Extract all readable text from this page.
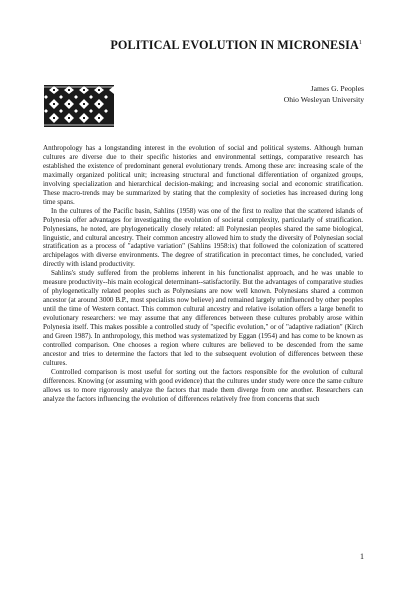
POLITICAL EVOLUTION IN MICRONESIA$^1$
James G. Peoples
Ohio Wesleyan University

Anthropology has a longstanding interest in the evolution of social and political systems. Although human cultures are diverse due to their specific histories and environmental settings, comparative research has established the existence of predominant general evolutionary trends. Among these are: increasing scale of the maximally organized political unit; increasing structural and functional differentiation of organized groups, involving specialization and hierarchical decision-making; and increasing social and economic stratification. These macro-trends may be summarized by stating that the complexity of societies has increased during long time spans.

In the cultures of the Pacific basin, Sahlins (1958) was one of the first to realize that the scattered islands of Polynesia offer advantages for investigating the evolution of societal complexity, particularly of stratification. Polynesians, he noted, are phylogenetically closely related: all Polynesian peoples shared the same biological, linguistic, and cultural ancestry. Their common ancestry allowed him to study the diversity of Polynesian social stratification as a process of "adaptive variation" (Sahlins 1958:ix) that followed the colonization of scattered archipelagos with diverse environments. The degree of stratification in precontact times, he concluded, varied directly with island productivity.

Sahlins's study suffered from the problems inherent in his functionalist approach, and he was unable to measure productivity--his main ecological determinant--satisfactorily. But the advantages of comparative studies of phylogenetically related peoples such as Polynesians are now well known. Polynesians shared a common ancestor (at around 3000 B.P., most specialists now believe) and remained largely uninfluenced by other peoples until the time of Western contact. This common cultural ancestry and relative isolation offers a large benefit to evolutionary researchers: we may assume that any differences between these cultures probably arose within Polynesia itself. This makes possible a controlled study of "specific evolution," or of "adaptive radiation" (Kirch and Green 1987). In anthropology, this method was systematized by Eggan (1954) and has come to be known as controlled comparison. One chooses a region where cultures are believed to be descended from the same ancestor and tries to determine the factors that led to the subsequent evolution of differences between these cultures.

Controlled comparison is most useful for sorting out the factors responsible for the evolution of cultural differences. Knowing (or assuming with good evidence) that the cultures under study were once the same culture allows us to more rigorously analyze the factors that made them diverge from one another. Researchers can analyze the factors influencing the evolution of differences relatively free from concerns that such

1
